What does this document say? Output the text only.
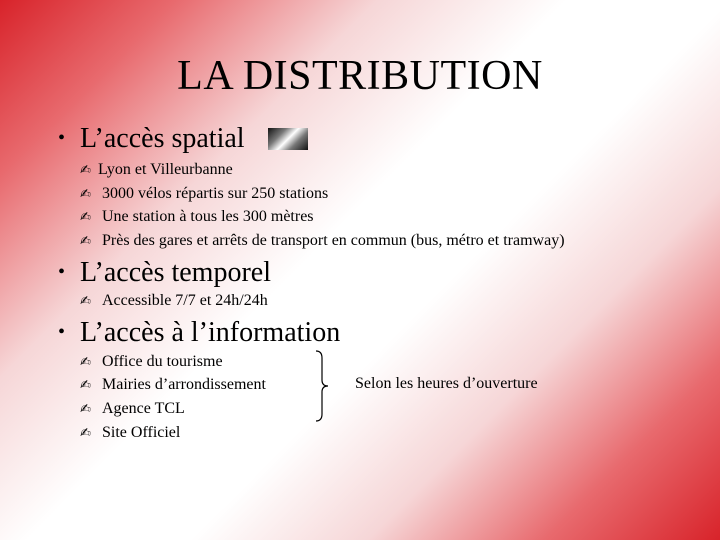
LA DISTRIBUTION
• L’accès spatial
✍ Lyon et Villeurbanne
✍ 3000 vélos répartis sur 250 stations
✍ Une station à tous les 300 mètres
✍ Près des gares et arrêts de transport en commun (bus, métro et tramway)
• L’accès temporel
✍ Accessible 7/7 et 24h/24h
• L’accès à l’information
✍ Office du tourisme
✍ Mairies d’arrondissement
✍ Agence TCL
✍ Site Officiel
Selon les heures d’ouverture
